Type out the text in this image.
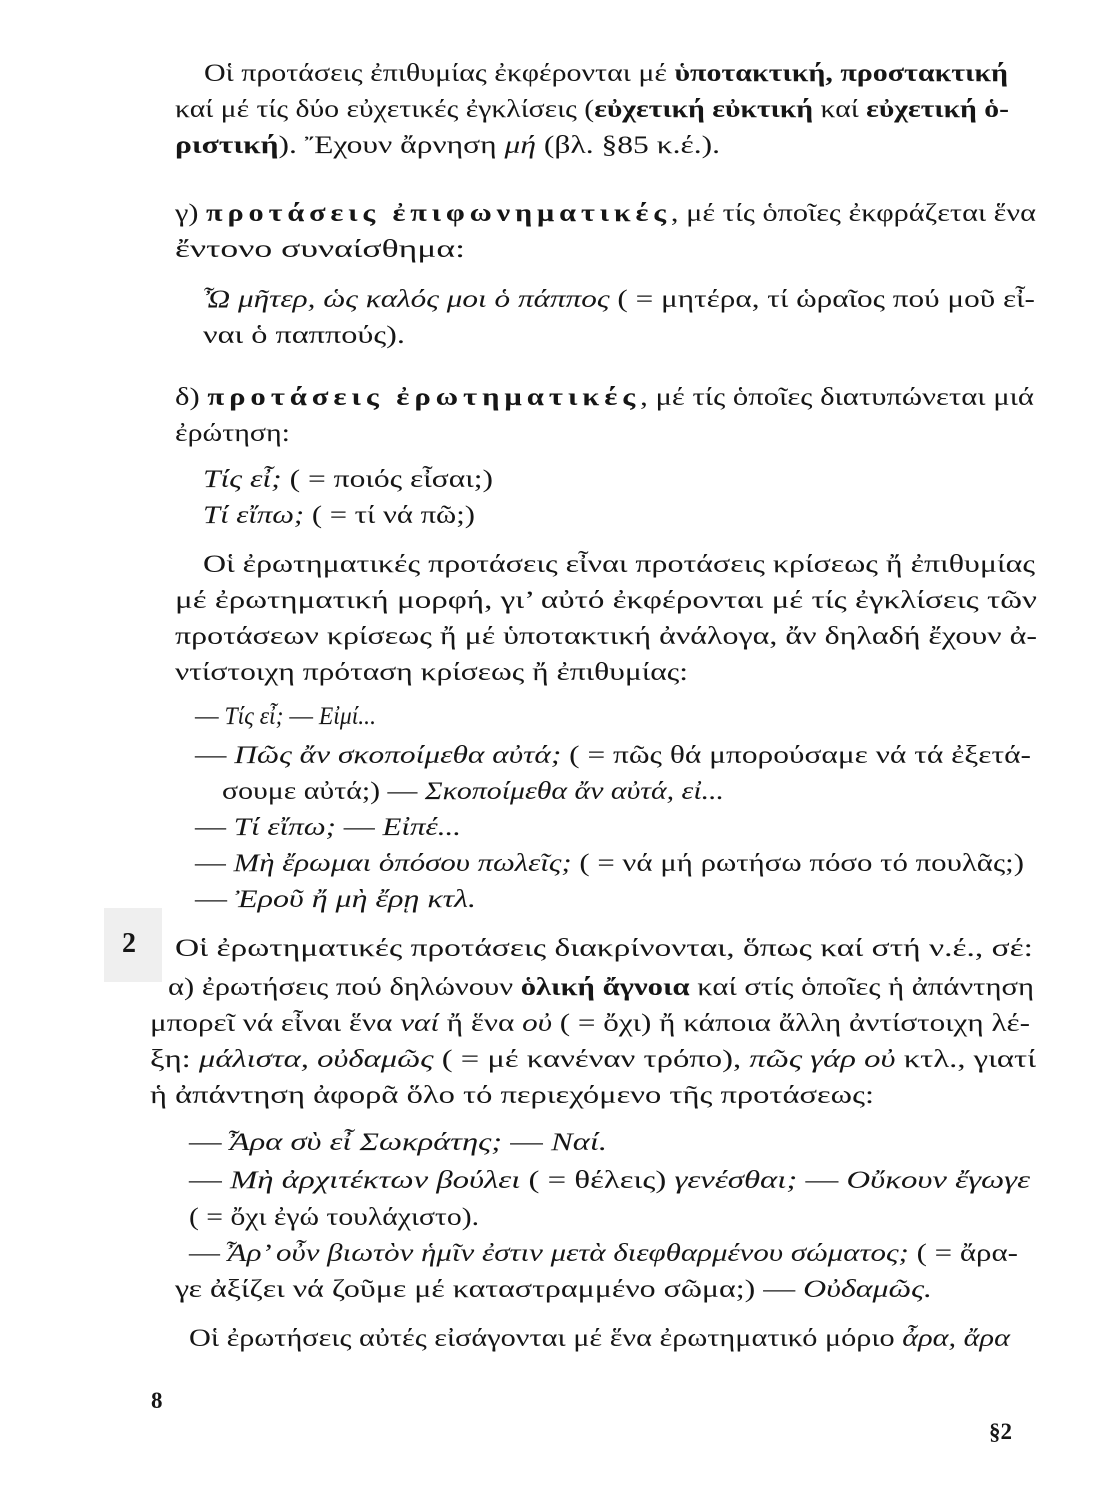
2
Οἱ προτάσεις ἐπιθυμίας ἐκφέρονται μέ ὑποτακτική, προστακτική
καί μέ τίς δύο εὐχετικές ἐγκλίσεις (εὐχετική εὐκτική καί εὐχετική ὁ-
ριστική). Ἔχουν ἄρνηση μή (βλ. §85 κ.έ.).
γ) προτάσεις ἐπιφωνηματικές, μέ τίς ὁποῖες ἐκφράζεται ἕνα
ἔντονο συναίσθημα:
Ὦ μῆτερ, ὡς καλός μοι ὁ πάππος ( = μητέρα, τί ὡραῖος πού μοῦ εἶ-
ναι ὁ παππούς).
δ) προτάσεις ἐρωτηματικές, μέ τίς ὁποῖες διατυπώνεται μιά
ἐρώτηση:
Τίς εἶ; ( = ποιός εἶσαι;)
Τί εἴπω; ( = τί νά πῶ;)
Οἱ ἐρωτηματικές προτάσεις εἶναι προτάσεις κρίσεως ἤ ἐπιθυμίας
μέ ἐρωτηματική μορφή, γι’ αὐτό ἐκφέρονται μέ τίς ἐγκλίσεις τῶν
προτάσεων κρίσεως ἤ μέ ὑποτακτική ἀνάλογα, ἄν δηλαδή ἔχουν ἀ-
ντίστοιχη πρόταση κρίσεως ἤ ἐπιθυμίας:
— Τίς εἶ; — Εἰμί...
— Πῶς ἄν σκοποίμεθα αὐτά; ( = πῶς θά μπορούσαμε νά τά ἐξετά-
σουμε αὐτά;) — Σκοποίμεθα ἄν αὐτά, εἰ...
— Τί εἴπω; — Εἰπέ...
— Μὴ ἔρωμαι ὁπόσου πωλεῖς; ( = νά μή ρωτήσω πόσο τό πουλᾶς;)
— Ἐροῦ ἤ μὴ ἔρῃ κτλ.
Οἱ ἐρωτηματικές προτάσεις διακρίνονται, ὅπως καί στή ν.έ., σέ:
α) ἐρωτήσεις πού δηλώνουν ὁλική ἄγνοια καί στίς ὁποῖες ἡ ἀπάντηση
μπορεῖ νά εἶναι ἕνα ναί ἤ ἕνα οὐ ( = ὄχι) ἤ κάποια ἄλλη ἀντίστοιχη λέ-
ξη: μάλιστα, οὐδαμῶς ( = μέ κανέναν τρόπο), πῶς γάρ οὐ κτλ., γιατί
ἡ ἀπάντηση ἀφορᾶ ὅλο τό περιεχόμενο τῆς προτάσεως:
— Ἆρα σὺ εἶ Σωκράτης; — Ναί.
— Μὴ ἀρχιτέκτων βούλει ( = θέλεις) γενέσθαι; — Οὔκουν ἔγωγε
( = ὄχι ἐγώ τουλάχιστο).
— Ἆρ’ οὖν βιωτὸν ἡμῖν ἐστιν μετὰ διεφθαρμένου σώματος; ( = ἄρα-
γε ἀξίζει νά ζοῦμε μέ καταστραμμένο σῶμα;) — Οὐδαμῶς.
Οἱ ἐρωτήσεις αὐτές εἰσάγονται μέ ἕνα ἐρωτηματικό μόριο ἆρα, ἄρα
8
§2
